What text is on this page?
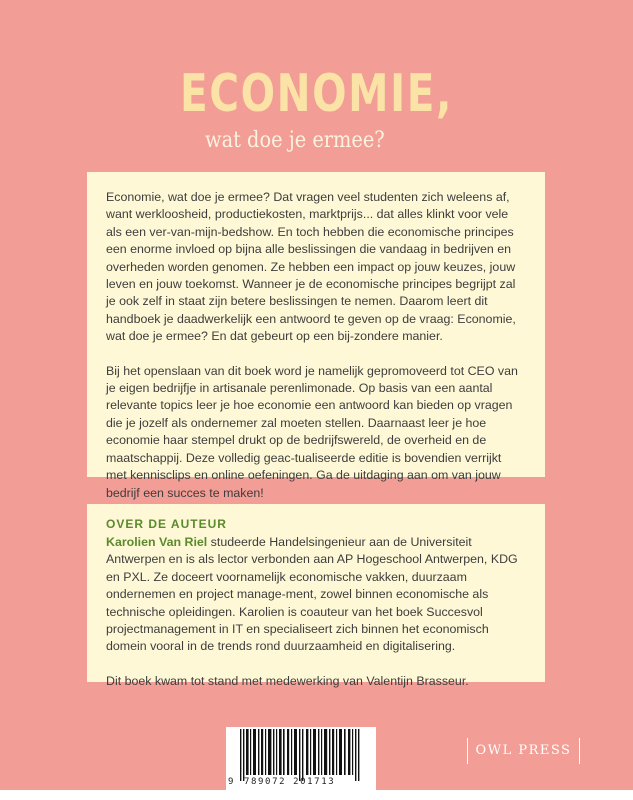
ECONOMIE,
wat doe je ermee?

Economie, wat doe je ermee? Dat vragen veel studenten zich weleens af, want werkloosheid, productiekosten, marktprijs... dat alles klinkt voor vele als een ver-van-mijn-bedshow. En toch hebben die economische principes een enorme invloed op bijna alle beslissingen die vandaag in bedrijven en overheden worden genomen. Ze hebben een impact op jouw keuzes, jouw leven en jouw toekomst. Wanneer je de economische principes begrijpt zal je ook zelf in staat zijn betere beslissingen te nemen. Daarom leert dit handboek je daadwerkelijk een antwoord te geven op de vraag: Economie, wat doe je ermee? En dat gebeurt op een bij-zondere manier.

Bij het openslaan van dit boek word je namelijk gepromoveerd tot CEO van je eigen bedrijfje in artisanale perenlimonade. Op basis van een aantal relevante topics leer je hoe economie een antwoord kan bieden op vragen die je jozelf als ondernemer zal moeten stellen. Daarnaast leer je hoe economie haar stempel drukt op de bedrijfswereld, de overheid en de maatschappij. Deze volledig geac-tualiseerde editie is bovendien verrijkt met kennisclips en online oefeningen. Ga de uitdaging aan om van jouw bedrijf een succes te maken!

OVER DE AUTEUR

Karolien Van Riel studeerde Handelsingenieur aan de Universiteit Antwerpen en is als lector verbonden aan AP Hogeschool Antwerpen, KDG en PXL. Ze doceert voornamelijk economische vakken, duurzaam ondernemen en project manage-ment, zowel binnen economische als technische opleidingen. Karolien is coauteur van het boek Succesvol projectmanagement in IT en specialiseert zich binnen het economisch domein vooral in de trends rond duurzaamheid en digitalisering.

Dit boek kwam tot stand met medewerking van Valentijn Brasseur.

OWL PRESS
9 789072 201713
